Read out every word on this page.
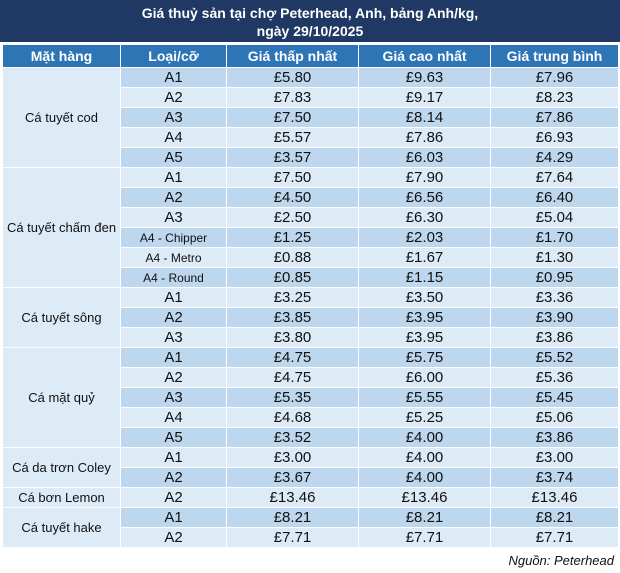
Giá thuỷ sản tại chợ Peterhead, Anh, bảng Anh/kg,
ngày 29/10/2025
Mặt hàng	Loại/cỡ	Giá thấp nhất	Giá cao nhất	Giá trung bình
Cá tuyết cod	A1	£5.80	£9.63	£7.96
	A2	£7.83	£9.17	£8.23
	A3	£7.50	£8.14	£7.86
	A4	£5.57	£7.86	£6.93
	A5	£3.57	£6.03	£4.29
Cá tuyết chấm đen	A1	£7.50	£7.90	£7.64
	A2	£4.50	£6.56	£6.40
	A3	£2.50	£6.30	£5.04
	A4 - Chipper	£1.25	£2.03	£1.70
	A4 - Metro	£0.88	£1.67	£1.30
	A4 - Round	£0.85	£1.15	£0.95
Cá tuyết sông	A1	£3.25	£3.50	£3.36
	A2	£3.85	£3.95	£3.90
	A3	£3.80	£3.95	£3.86
Cá mặt quỷ	A1	£4.75	£5.75	£5.52
	A2	£4.75	£6.00	£5.36
	A3	£5.35	£5.55	£5.45
	A4	£4.68	£5.25	£5.06
	A5	£3.52	£4.00	£3.86
Cá da trơn Coley	A1	£3.00	£4.00	£3.00
	A2	£3.67	£4.00	£3.74
Cá bơn Lemon	A2	£13.46	£13.46	£13.46
Cá tuyết hake	A1	£8.21	£8.21	£8.21
	A2	£7.71	£7.71	£7.71
Nguồn: Peterhead
